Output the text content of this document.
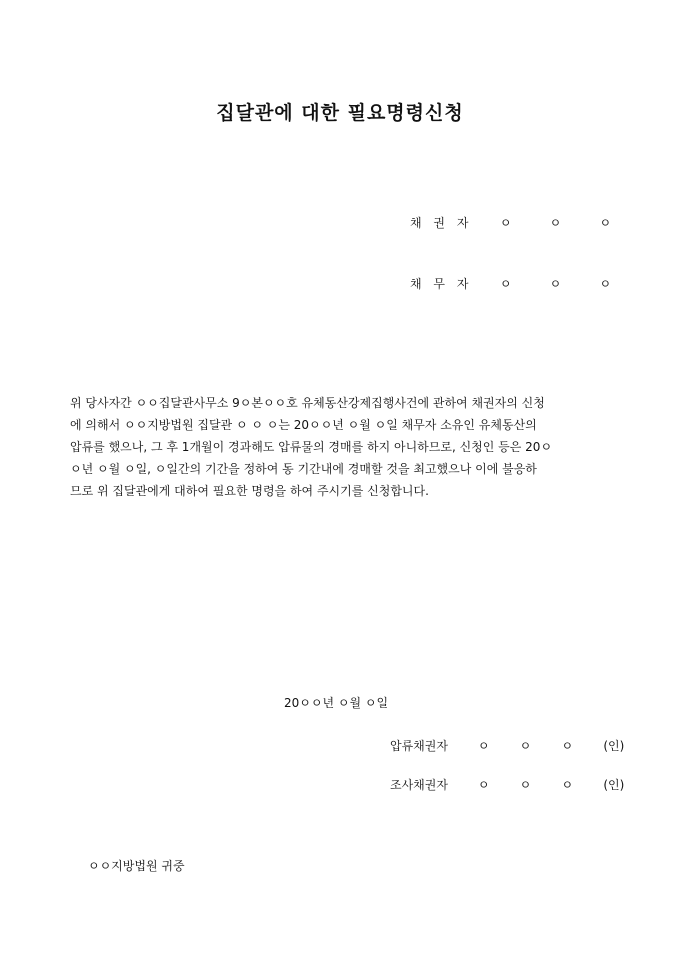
집달관에 대한 필요명령신청
채 권 자 ㅇ	ㅇ	ㅇ
채 무 자 ㅇ	ㅇ	ㅇ
위 당사자간 ㅇㅇ집달관사무소 9ㅇ본ㅇㅇ호 유체동산강제집행사건에 관하여 채권자의 신청
에 의해서 ㅇㅇ지방법원 집달관 ㅇ ㅇ ㅇ는 20ㅇㅇ년 ㅇ월 ㅇ일 채무자 소유인 유체동산의
압류를 했으나, 그 후 1개월이 경과해도 압류물의 경매를 하지 아니하므로, 신청인 등은 20ㅇ
ㅇ년 ㅇ월 ㅇ일, ㅇ일간의 기간을 정하여 동 기간내에 경매할 것을 최고했으나 이에 불응하
므로 위 집달관에게 대하여 필요한 명령을 하여 주시기를 신청합니다.
20ㅇㅇ년 ㅇ월 ㅇ일
압류채권자 ㅇ	ㅇ	ㅇ	(인)
조사채권자 ㅇ	ㅇ	ㅇ	(인)
ㅇㅇ지방법원 귀중
